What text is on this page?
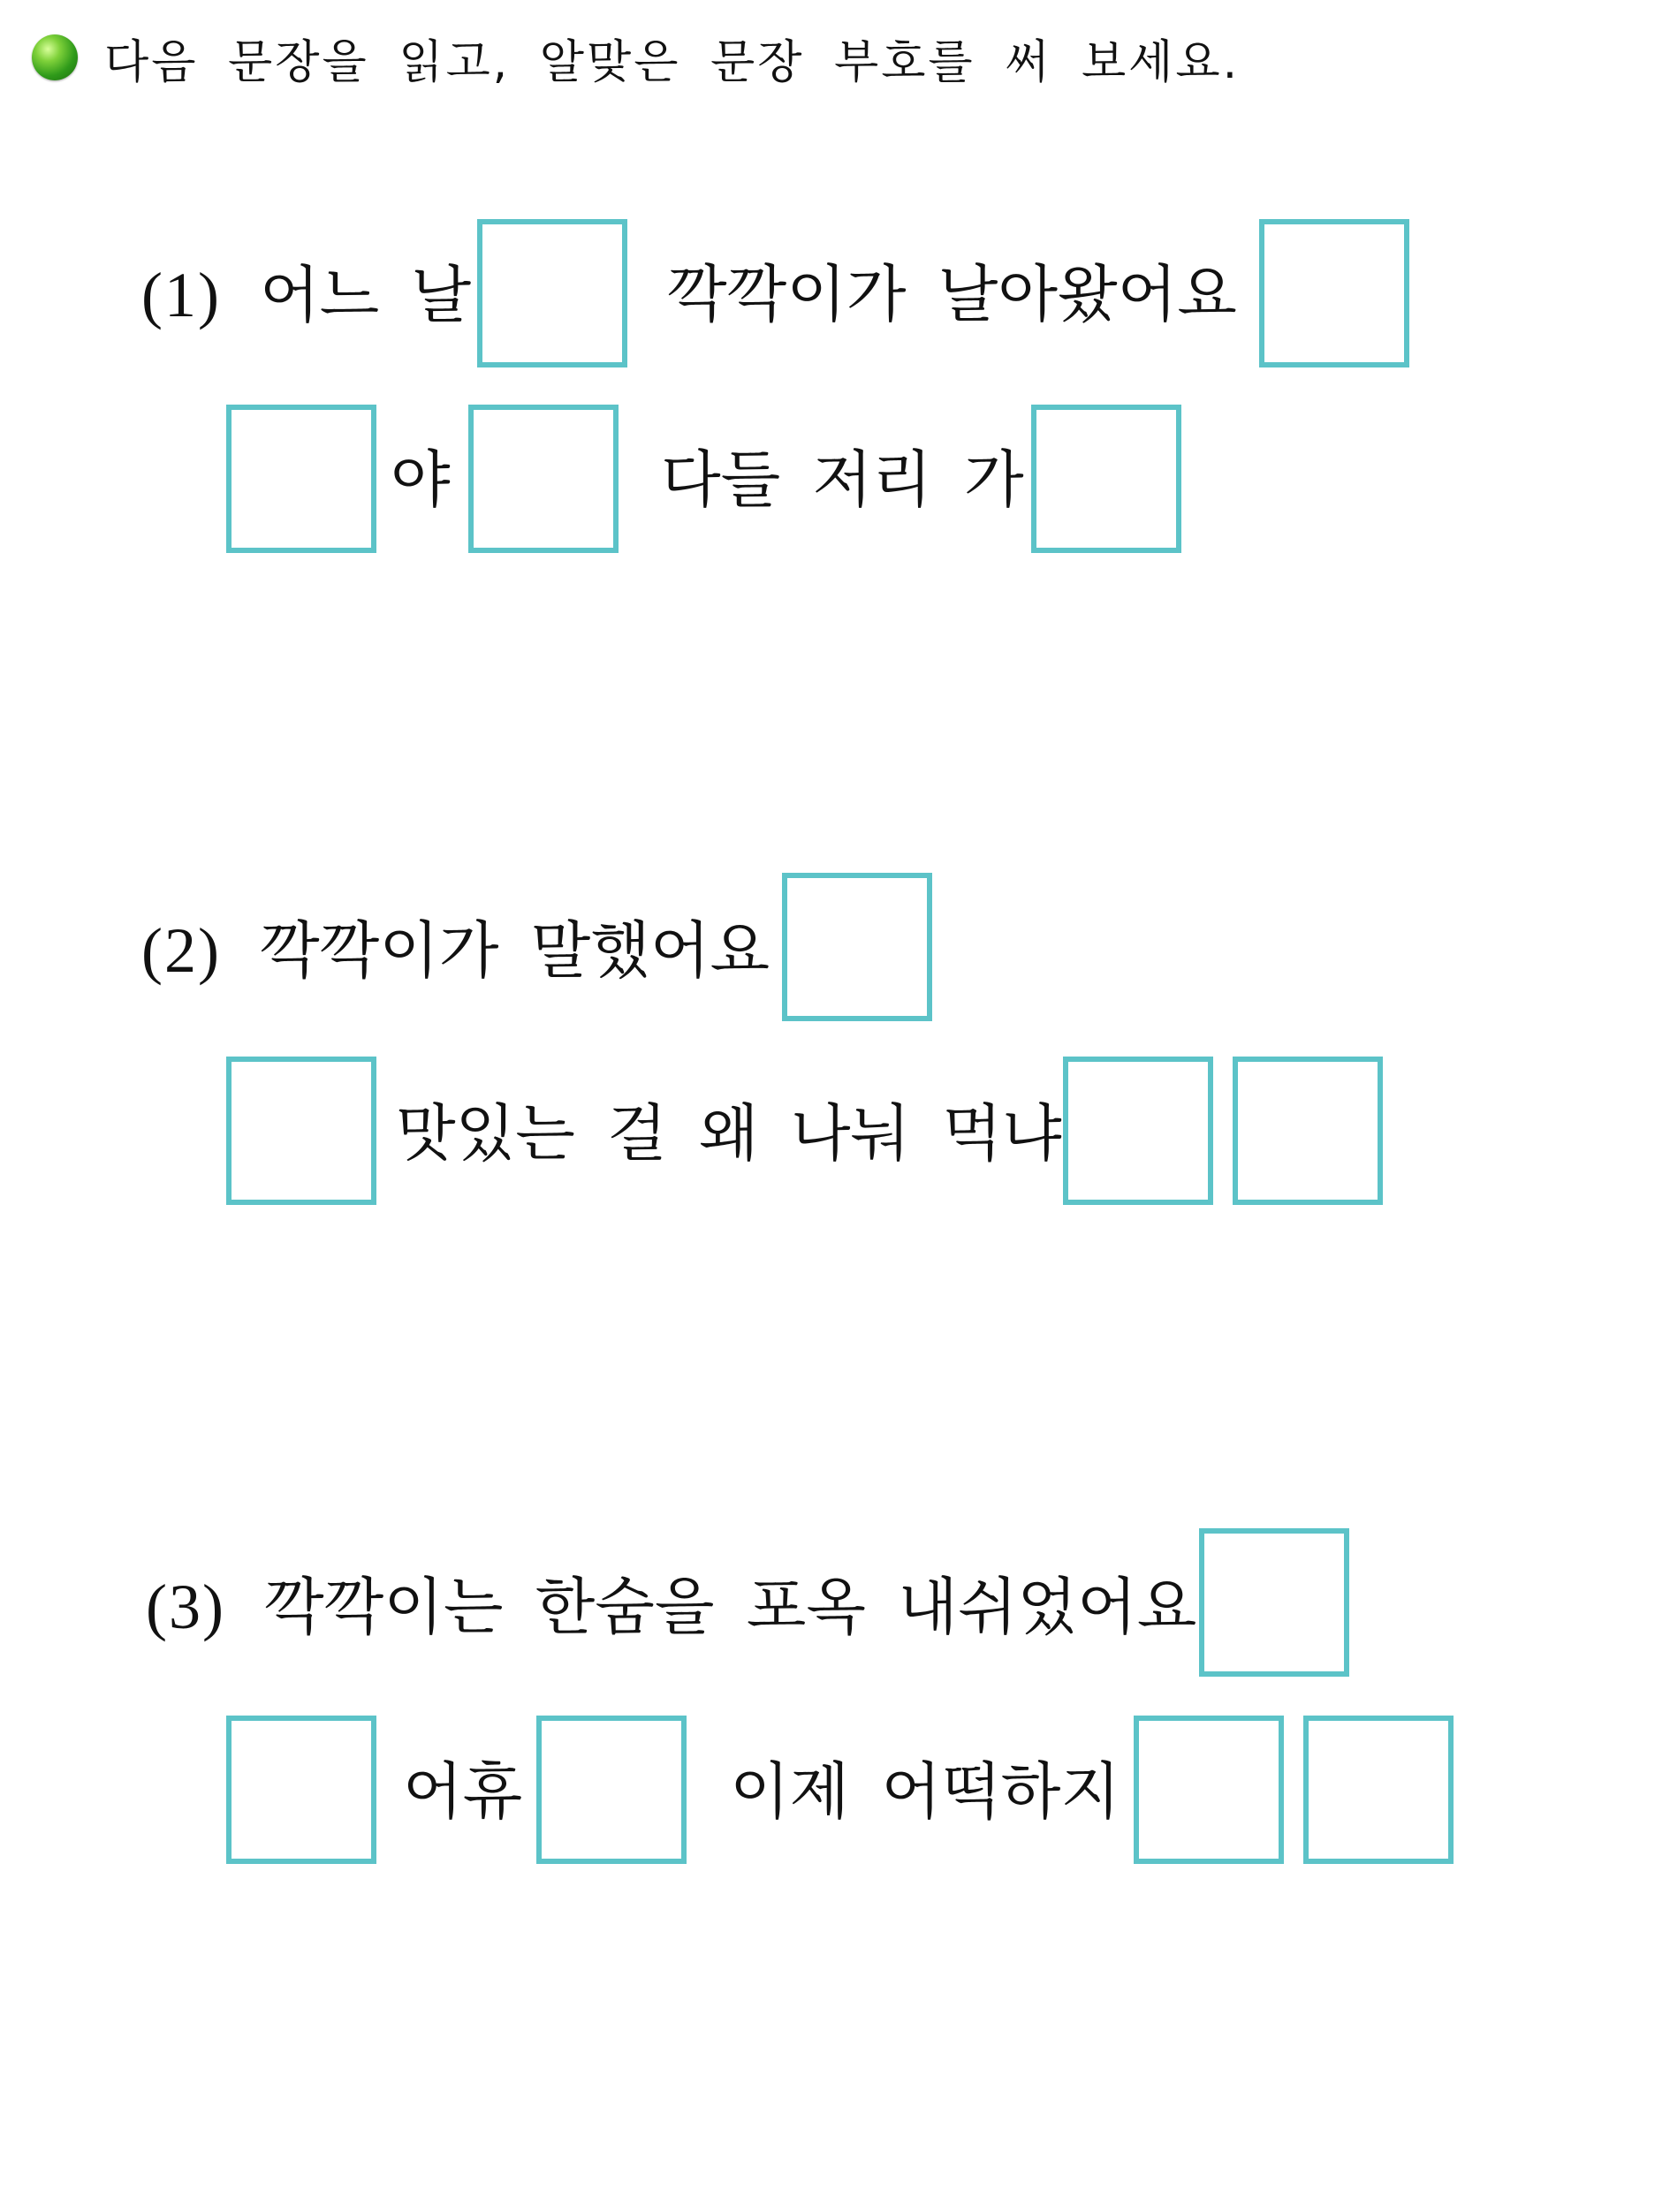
다음 문장을 읽고, 알맞은 문장 부호를 써 보세요.
(1) 어느 날	깍깍이가 날아왔어요
야	다들 저리 가
(2) 깍깍이가 말했어요
맛있는 걸 왜 나눠 먹냐
(3) 깍깍이는 한숨을 포옥 내쉬었어요
어휴	이제 어떡하지
